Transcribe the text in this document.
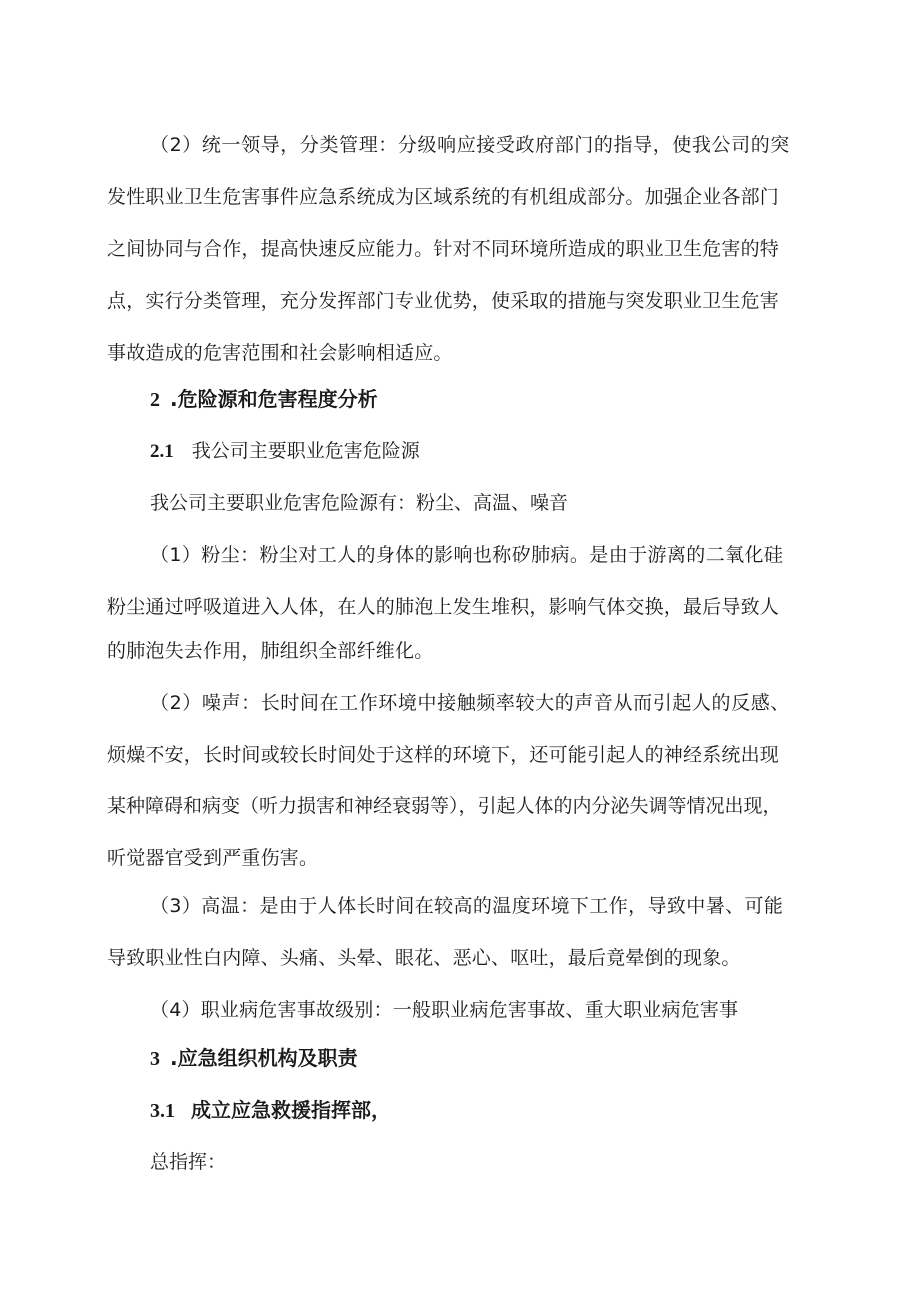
（2）统一领导，分类管理：分级响应接受政府部门的指导，使我公司的突
发性职业卫生危害事件应急系统成为区域系统的有机组成部分。加强企业各部门
之间协同与合作，提高快速反应能力。针对不同环境所造成的职业卫生危害的特
点，实行分类管理，充分发挥部门专业优势，使采取的措施与突发职业卫生危害
事故造成的危害范围和社会影响相适应。
2 .危险源和危害程度分析
2.1 我公司主要职业危害危险源
我公司主要职业危害危险源有：粉尘、高温、噪音
（1）粉尘：粉尘对工人的身体的影响也称矽肺病。是由于游离的二氧化硅
粉尘通过呼吸道进入人体，在人的肺泡上发生堆积，影响气体交换，最后导致人
的肺泡失去作用，肺组织全部纤维化。
（2）噪声：长时间在工作环境中接触频率较大的声音从而引起人的反感、
烦燥不安，长时间或较长时间处于这样的环境下，还可能引起人的神经系统出现
某种障碍和病变（听力损害和神经衰弱等），引起人体的内分泌失调等情况出现，
听觉器官受到严重伤害。
（3）高温：是由于人体长时间在较高的温度环境下工作，导致中暑、可能
导致职业性白内障、头痛、头晕、眼花、恶心、呕吐，最后竟晕倒的现象。
（4）职业病危害事故级别：一般职业病危害事故、重大职业病危害事
3 .应急组织机构及职责
3.1 成立应急救援指挥部，
总指挥：
